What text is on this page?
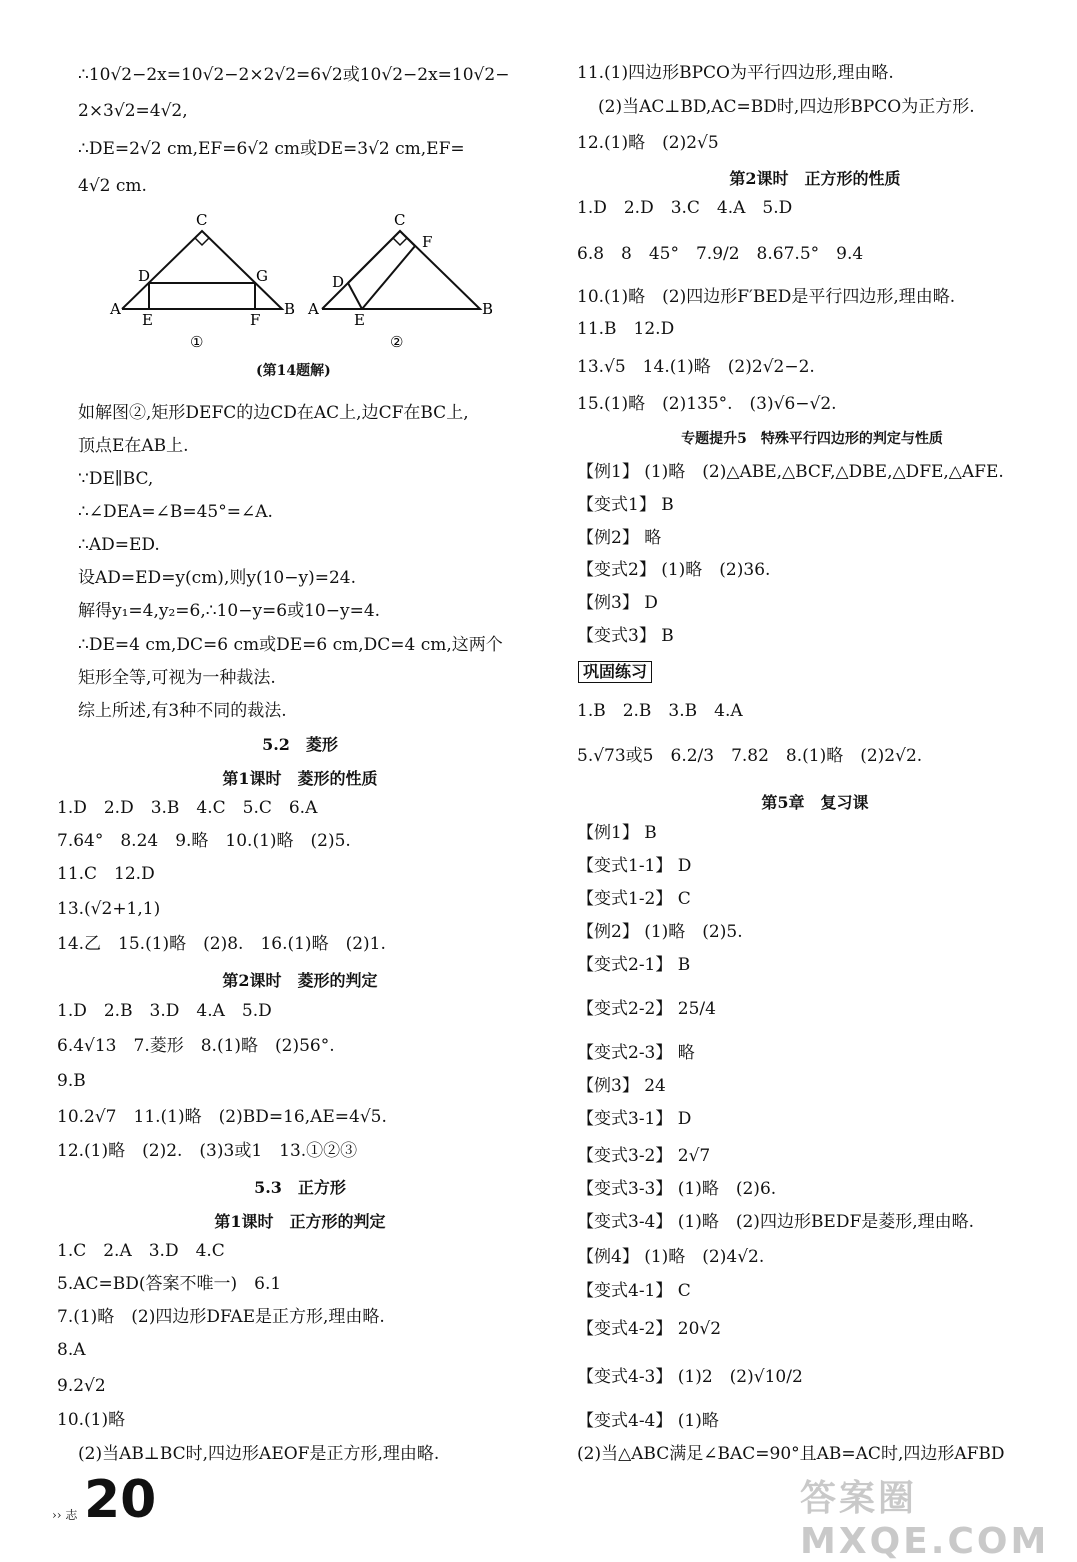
∴10√2−2x=10√2−2×2√2=6√2或10√2−2x=10√2−
2×3√2=4√2,
∴DE=2√2 cm,EF=6√2 cm或DE=3√2 cm,EF=
4√2 cm.
C
D	G
A
E	F
B
①
C
F
D
A
E
B
②
(第14题解)
如解图②,矩形DEFC的边CD在AC上,边CF在BC上,
顶点E在AB上.
∵DE∥BC,
∴∠DEA=∠B=45°=∠A.
∴AD=ED.
设AD=ED=y(cm),则y(10−y)=24.
解得y₁=4,y₂=6,∴10−y=6或10−y=4.
∴DE=4 cm,DC=6 cm或DE=6 cm,DC=4 cm,这两个
矩形全等,可视为一种裁法.
综上所述,有3种不同的裁法.
5.2　菱形
第1课时　菱形的性质
1.D　2.D　3.B　4.C　5.C　6.A
7.64°　8.24　9.略　10.(1)略　(2)5.
11.C　12.D
13.(√2+1,1)
14.乙　15.(1)略　(2)8.　16.(1)略　(2)1.
第2课时　菱形的判定
1.D　2.B　3.D　4.A　5.D
6.4√13　7.菱形　8.(1)略　(2)56°.
9.B
10.2√7　11.(1)略　(2)BD=16,AE=4√5.
12.(1)略　(2)2.　(3)3或1　13.①②③
5.3　正方形
第1课时　正方形的判定
1.C　2.A　3.D　4.C
5.AC=BD(答案不唯一)　6.1
7.(1)略　(2)四边形DFAE是正方形,理由略.
8.A
9.2√2
10.(1)略
(2)当AB⊥BC时,四边形AEOF是正方形,理由略.
20
›› 志
11.(1)四边形BPCO为平行四边形,理由略.
(2)当AC⊥BD,AC=BD时,四边形BPCO为正方形.
12.(1)略　(2)2√5
第2课时　正方形的性质
1.D　2.D　3.C　4.A　5.D
6.8　8　45°　7.9/2　8.67.5°　9.4
10.(1)略　(2)四边形F′BED是平行四边形,理由略.
11.B　12.D
13.√5　14.(1)略　(2)2√2−2.
15.(1)略　(2)135°.　(3)√6−√2.
专题提升5　特殊平行四边形的判定与性质
【例1】 (1)略　(2)△ABE,△BCF,△DBE,△DFE,△AFE.
【变式1】 B
【例2】 略
【变式2】 (1)略　(2)36.
【例3】 D
【变式3】 B
巩固练习
1.B　2.B　3.B　4.A
5.√73或5　6.2/3　7.82　8.(1)略　(2)2√2.
第5章　复习课
【例1】 B
【变式1-1】 D
【变式1-2】 C
【例2】 (1)略　(2)5.
【变式2-1】 B
【变式2-2】 25/4
【变式2-3】 略
【例3】 24
【变式3-1】 D
【变式3-2】 2√7
【变式3-3】 (1)略　(2)6.
【变式3-4】 (1)略　(2)四边形BEDF是菱形,理由略.
【例4】 (1)略　(2)4√2.
【变式4-1】 C
【变式4-2】 20√2
【变式4-3】 (1)2　(2)√10/2
【变式4-4】 (1)略
(2)当△ABC满足∠BAC=90°且AB=AC时,四边形AFBD
答案圈 MXQE.COM
